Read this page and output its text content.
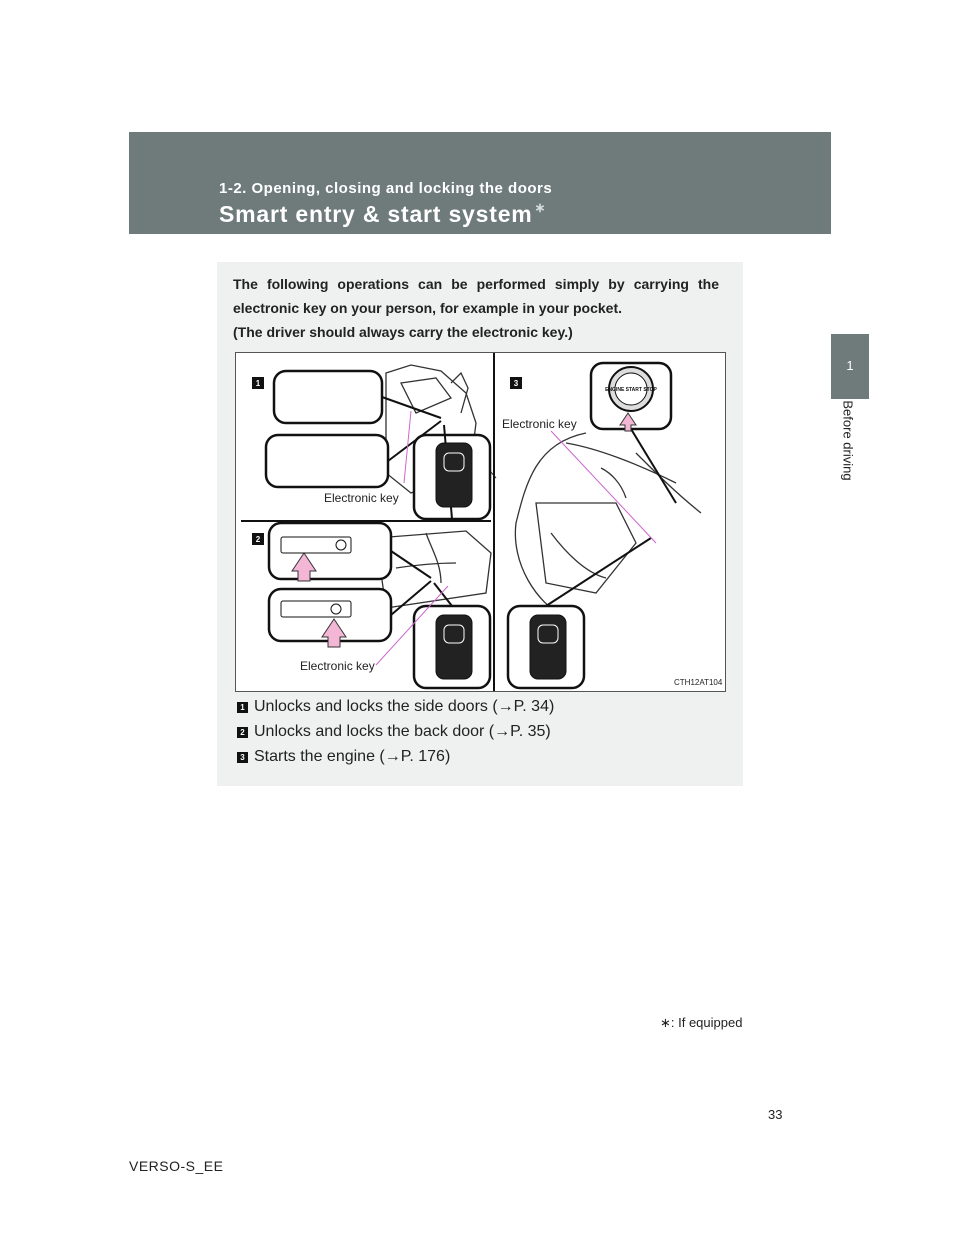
1-2. Opening, closing and locking the doors
Smart entry & start system ∗
1
Before driving
The following operations can be performed simply by carrying the electronic key on your person, for example in your pocket.
(The driver should always carry the electronic key.)
ENGINE START STOP
1
2
3
Electronic key
Electronic key
Electronic key
CTH12AT104
1 Unlocks and locks the side doors (→P. 34)
2 Unlocks and locks the back door (→P. 35)
3 Starts the engine (→P. 176)
∗: If equipped
33
VERSO-S_EE
